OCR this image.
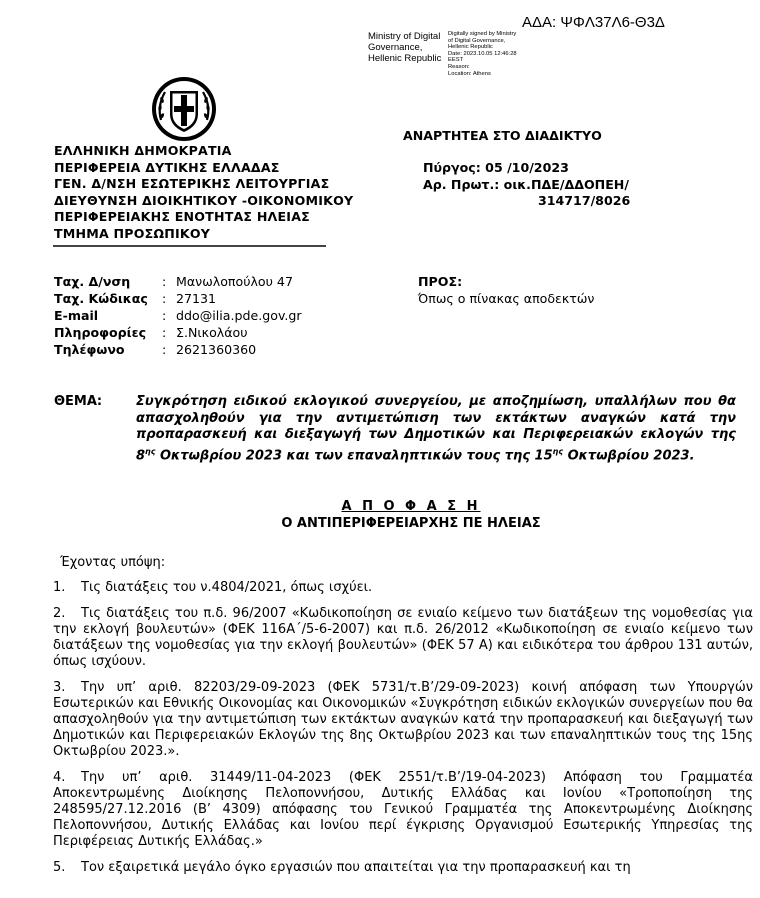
ΑΔΑ: ΨΦΛ37Λ6-Θ3Δ
Ministry of Digital
Governance,
Hellenic Republic
Digitally signed by Ministry
of Digital Governance,
Hellenic Republic
Date: 2023.10.05 12:46:28
EEST
Reason:
Location: Athens
ΕΛΛΗΝΙΚΗ ΔΗΜΟΚΡΑΤΙΑ
ΠΕΡΙΦΕΡΕΙΑ ΔΥΤΙΚΗΣ ΕΛΛΑΔΑΣ
ΓΕΝ. Δ/ΝΣΗ ΕΣΩΤΕΡΙΚΗΣ ΛΕΙΤΟΥΡΓΙΑΣ
ΔΙΕΥΘΥΝΣΗ ΔΙΟΙΚΗΤΙΚΟΥ -ΟΙΚΟΝΟΜΙΚΟΥ
ΠΕΡΙΦΕΡΕΙΑΚΗΣ ΕΝΟΤΗΤΑΣ ΗΛΕΙΑΣ
ΤΜΗΜΑ ΠΡΟΣΩΠΙΚΟΥ
ΑΝΑΡΤΗΤΕΑ ΣΤΟ ΔΙΑΔΙΚΤΥΟ
Πύργος: 05 /10/2023
Αρ. Πρωτ.: οικ.ΠΔΕ/ΔΔΟΠΕΗ/
314717/8026
Ταχ. Δ/νση	: Μανωλοπούλου 47
Ταχ. Κώδικας	: 27131
E-mail	: ddo@ilia.pde.gov.gr
Πληροφορίες	: Σ.Νικολάου
Τηλέφωνο	: 2621360360
ΠΡΟΣ:
Όπως ο πίνακας αποδεκτών
ΘΕΜΑ:	Συγκρότηση ειδικού εκλογικού συνεργείου, με αποζημίωση, υπαλλήλων που θα απασχοληθούν για την αντιμετώπιση των εκτάκτων αναγκών κατά την προπαρασκευή και διεξαγωγή των Δημοτικών και Περιφερειακών εκλογών της $8^{\eta\varsigma}$ Οκτωβρίου 2023 και των επαναληπτικών τους της $15^{\eta\varsigma}$ Οκτωβρίου 2023.
Α Π Ο Φ Α Σ Η
Ο ΑΝΤΙΠΕΡΙΦΕΡΕΙΑΡΧΗΣ ΠΕ ΗΛΕΙΑΣ
Έχοντας υπόψη:
1. Τις διατάξεις του ν.4804/2021, όπως ισχύει.
2. Τις διατάξεις του π.δ. 96/2007 «Κωδικοποίηση σε ενιαίο κείμενο των διατάξεων της νομοθεσίας για την εκλογή βουλευτών» (ΦΕΚ 116Α΄/5-6-2007) και π.δ. 26/2012 «Κωδικοποίηση σε ενιαίο κείμενο των διατάξεων της νομοθεσίας για την εκλογή βουλευτών» (ΦΕΚ 57 Α) και ειδικότερα του άρθρου 131 αυτών, όπως ισχύουν.
3. Την υπ’ αριθ. 82203/29-09-2023 (ΦΕΚ 5731/τ.Β’/29-09-2023) κοινή απόφαση των Υπουργών Εσωτερικών και Εθνικής Οικονομίας και Οικονομικών «Συγκρότηση ειδικών εκλογικών συνεργείων που θα απασχοληθούν για την αντιμετώπιση των εκτάκτων αναγκών κατά την προπαρασκευή και διεξαγωγή των Δημοτικών και Περιφερειακών Εκλογών της 8ης Οκτωβρίου 2023 και των επαναληπτικών τους της 15ης Οκτωβρίου 2023.».
4. Την υπ’ αριθ. 31449/11-04-2023 (ΦΕΚ 2551/τ.Β’/19-04-2023) Απόφαση του Γραμματέα Αποκεντρωμένης Διοίκησης Πελοποννήσου, Δυτικής Ελλάδας και Ιονίου «Τροποποίηση της 248595/27.12.2016 (Β’ 4309) απόφασης του Γενικού Γραμματέα της Αποκεντρωμένης Διοίκησης Πελοποννήσου, Δυτικής Ελλάδας και Ιονίου περί έγκρισης Οργανισμού Εσωτερικής Υπηρεσίας της Περιφέρειας Δυτικής Ελλάδας.»
5. Τον εξαιρετικά μεγάλο όγκο εργασιών που απαιτείται για την προπαρασκευή και τη
